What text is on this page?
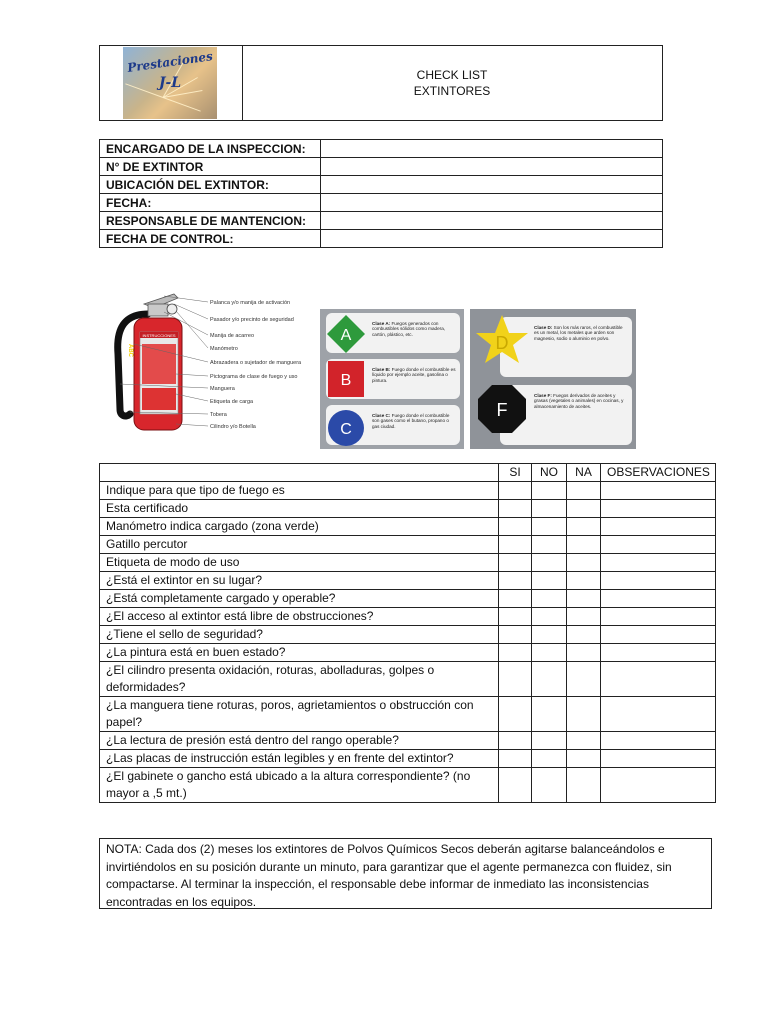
Prestaciones
J-L	CHECK LIST
EXTINTORES
ENCARGADO DE LA INSPECCION:	
N° DE EXTINTOR	
UBICACIÓN DEL EXTINTOR:	
FECHA:	
RESPONSABLE DE MANTENCION:	
FECHA DE CONTROL:	
INSTRUCCIONES
ABC
Palanca y/o manija de activación
Pasador y/o precinto de seguridad
Manija de acarreo
Manómetro
Abrazadera o sujetador de manguera
Pictograma de clase de fuego y uso
Manguera
Etiqueta de carga
Tobera
Cilindro y/o Botella
A
B
C
Clase A: Fuegos generados con combustibles sólidos como madera, cartón, plástico, etc.
Clase B: Fuego donde el combustible es líquido por ejemplo aceite, gasolina o pintura.
Clase C: Fuego donde el combustible son gases como el butano, propano o gas ciudad.
D
F
Clase D: Son los más raros, el combustible es un metal, los metales que arden son magnesio, sodio o aluminio en polvo.
Clase F: Fuegos derivados de aceites y grasas (vegetales o animales) en cocinas, y almacenamiento de aceites.
	SI	NO	NA	OBSERVACIONES
Indique para que tipo de fuego es				
Esta certificado				
Manómetro indica cargado (zona verde)				
Gatillo percutor				
Etiqueta de modo de uso				
¿Está el extintor en su lugar?				
¿Está completamente cargado y operable?				
¿El acceso al extintor está libre de obstrucciones?				
¿Tiene el sello de seguridad?				
¿La pintura está en buen estado?				
¿El cilindro presenta oxidación, roturas, abolladuras, golpes o deformidades?				
¿La manguera tiene roturas, poros, agrietamientos o obstrucción con papel?				
¿La lectura de presión está dentro del rango operable?				
¿Las placas de instrucción están legibles y en frente del extintor?				
¿El gabinete o gancho está ubicado a la altura correspondiente? (no mayor a ,5 mt.)				
NOTA: Cada dos (2) meses los extintores de Polvos Químicos Secos deberán agitarse balanceándolos e invirtiéndolos en su posición durante un minuto, para garantizar que el agente permanezca con fluidez, sin compactarse. Al terminar la inspección, el responsable debe informar de inmediato las inconsistencias encontradas en los equipos.
